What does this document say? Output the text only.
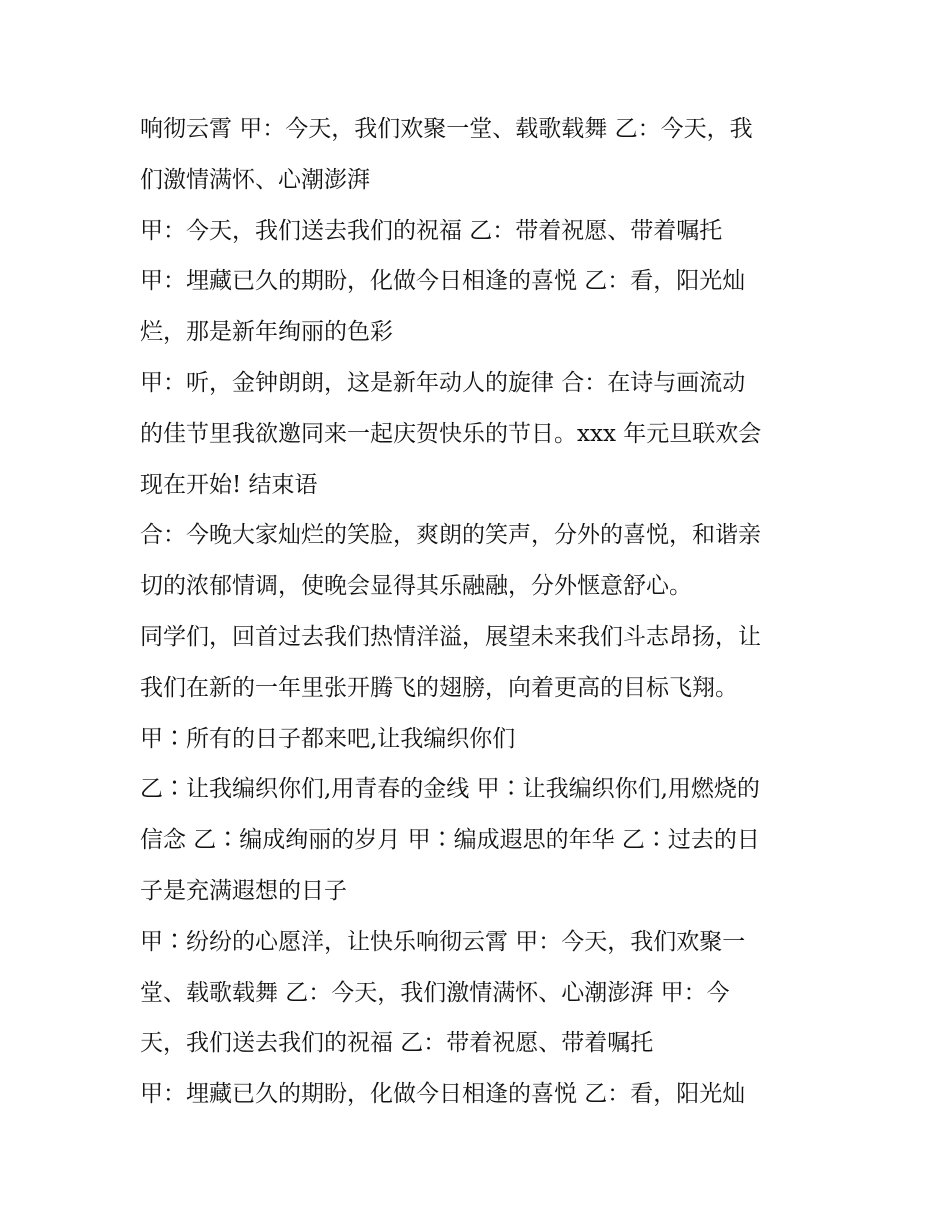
响彻云霄 甲：今天，我们欢聚一堂、载歌载舞 乙：今天，我
们激情满怀、心潮澎湃
甲：今天，我们送去我们的祝福 乙：带着祝愿、带着嘱托
甲：埋藏已久的期盼，化做今日相逢的喜悦 乙：看，阳光灿
烂，那是新年绚丽的色彩
甲：听，金钟朗朗，这是新年动人的旋律 合：在诗与画流动
的佳节里我欲邀同来一起庆贺快乐的节日。xxx 年元旦联欢会
现在开始! 结束语
合：今晚大家灿烂的笑脸，爽朗的笑声，分外的喜悦，和谐亲
切的浓郁情调，使晚会显得其乐融融，分外惬意舒心。
同学们，回首过去我们热情洋溢，展望未来我们斗志昂扬，让
我们在新的一年里张开腾飞的翅膀，向着更高的目标飞翔。
甲∶所有的日子都来吧,让我编织你们
乙∶让我编织你们,用青春的金线 甲∶让我编织你们,用燃烧的
信念 乙∶编成绚丽的岁月 甲∶编成遐思的年华 乙∶过去的日
子是充满遐想的日子
甲∶纷纷的心愿洋，让快乐响彻云霄 甲：今天，我们欢聚一
堂、载歌载舞 乙：今天，我们激情满怀、心潮澎湃 甲：今
天，我们送去我们的祝福 乙：带着祝愿、带着嘱托
甲：埋藏已久的期盼，化做今日相逢的喜悦 乙：看，阳光灿
